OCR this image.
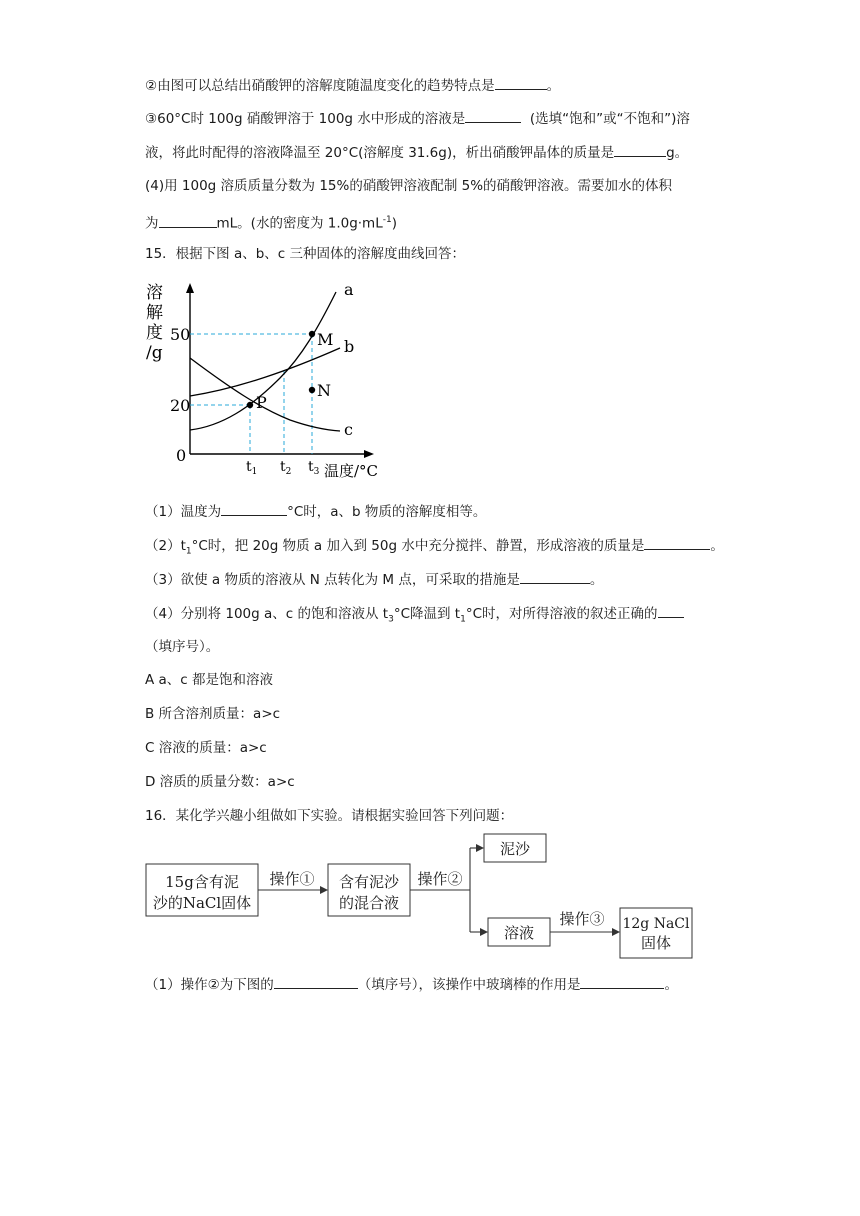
②由图可以总结出硝酸钾的溶解度随温度变化的趋势特点是	。
③60°C时 100g 硝酸钾溶于 100g 水中形成的溶液是	(选填“饱和”或“不饱和”)溶
液，将此时配得的溶液降温至 20°C(溶解度 31.6g)，析出硝酸钾晶体的质量是	g。
(4)用 100g 溶质质量分数为 15%的硝酸钾溶液配制 5%的硝酸钾溶液。需要加水的体积
为	mL。(水的密度为 $1.0g\cdot mL^{-1}$)
15．根据下图 a、b、c 三种固体的溶解度曲线回答：
溶
解
度
/g
50
20
0
$t_1$ $t_2$ $t_3$ 温度/°C
a
b
c
M
N
P
（1）温度为	°C时，a、b 物质的溶解度相等。
$(2)t_1^\circ C$时，把 20g 物质 a 加入到 50g 水中充分搅拌、静置，形成溶液的质量是	。
（3）欲使 a 物质的溶液从 N 点转化为 M 点，可采取的措施是	。
（4）分别将 100g a、c 的饱和溶液从 $t_3^\circ C$降温到 $t_1^\circ C$时，对所得溶液的叙述正确的
（填序号）。
A a、c 都是饱和溶液
B 所含溶剂质量：a>c
C 溶液的质量：a>c
D 溶质的质量分数：a>c
16．某化学兴趣小组做如下实验。请根据实验回答下列问题：
15g含有泥
沙的NaCl固体
操作① 含有泥沙
的混合液
操作②
泥沙
溶液
操作③ 12g NaCl
固体
（1）操作②为下图的	（填序号），该操作中玻璃棒的作用是	。
